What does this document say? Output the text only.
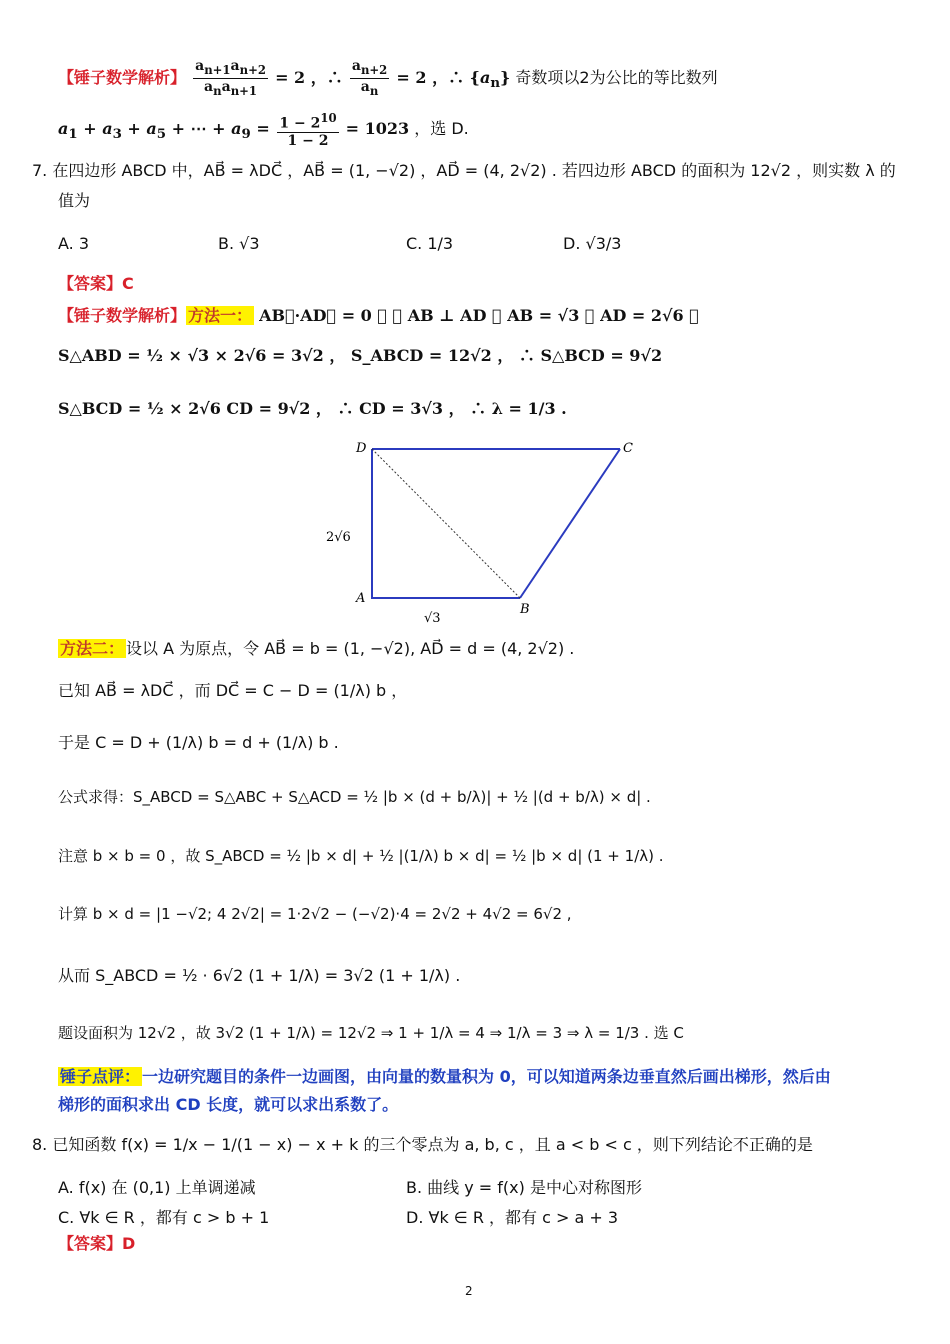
【锤子数学解析】 $\frac{a_{n+1}a_{n+2}}{a_na_{n+1}} = 2$ ，∴ $\frac{a_{n+2}}{a_n} = 2$ ，∴ $\{a_n\}$ 奇数项以2为公比的等比数列
$a_1 + a_3 + a_5$ + ⋯ + $a_9 = \frac{1 - 2^{10}}{1 - 2} = 1023$ ，选 D.
7. 在四边形 ABCD 中，AB⃗ = λDC⃗ ，AB⃗ = (1, −√2) ，AD⃗ = (4, 2√2) . 若四边形 ABCD 的面积为 12√2 ，则实数 λ 的
值为
A. 3	B. √3	C. 1/3	D. √3/3
【答案】C
【锤子数学解析】 方法一： AB⃗·AD⃗ = 0 ， ∴ AB ⊥ AD ， AB = √3 ， AD = 2√6 ，
S△ABD = ½ × √3 × 2√6 = 3√2 ， S_ABCD = 12√2 ， ∴ S△BCD = 9√2
S△BCD = ½ × 2√6 CD = 9√2 ， ∴ CD = 3√3 ， ∴ λ = 1/3 .
D	C
A
B
2√6
√3
方法二： 设以 A 为原点，令 AB⃗ = b = (1, −√2), AD⃗ = d = (4, 2√2) .
已知 AB⃗ = λDC⃗ ，而 DC⃗ = C − D = (1/λ) b ，
于是 C = D + (1/λ) b = d + (1/λ) b .
公式求得：S_ABCD = S△ABC + S△ACD = ½ |b × (d + b/λ)| + ½ |(d + b/λ) × d| .
注意 b × b = 0 ，故 S_ABCD = ½ |b × d| + ½ |(1/λ) b × d| = ½ |b × d| (1 + 1/λ) .
计算 b × d = |1 −√2; 4 2√2| = 1·2√2 − (−√2)·4 = 2√2 + 4√2 = 6√2 ,
从而 S_ABCD = ½ · 6√2 (1 + 1/λ) = 3√2 (1 + 1/λ) .
题设面积为 12√2 ，故 3√2 (1 + 1/λ) = 12√2 ⇒ 1 + 1/λ = 4 ⇒ 1/λ = 3 ⇒ λ = 1/3 . 选 C
锤子点评： 一边研究题目的条件一边画图，由向量的数量积为 0，可以知道两条边垂直然后画出梯形，然后由
梯形的面积求出 CD 长度，就可以求出系数了。
8. 已知函数 f(x) = 1/x − 1/(1 − x) − x + k 的三个零点为 a, b, c ，且 a < b < c ，则下列结论不正确的是
A. f(x) 在 (0,1) 上单调递减	B. 曲线 y = f(x) 是中心对称图形
C. ∀k ∈ R ，都有 c > b + 1	D. ∀k ∈ R ，都有 c > a + 3
【答案】D
2
